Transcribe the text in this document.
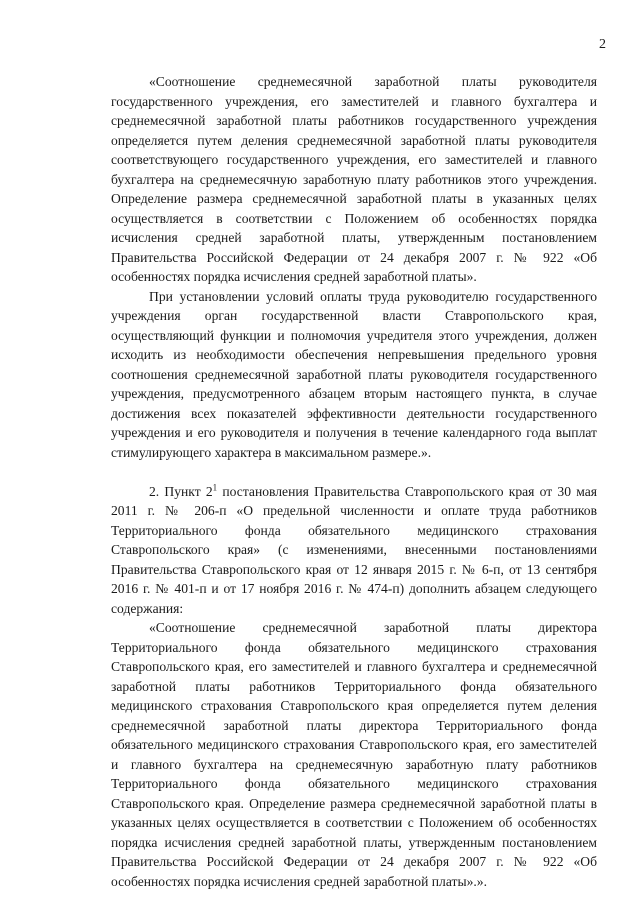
2

«Соотношение среднемесячной заработной платы руководителя государственного учреждения, его заместителей и главного бухгалтера и среднемесячной заработной платы работников государственного учреждения определяется путем деления среднемесячной заработной платы руководителя соответствующего государственного учреждения, его заместителей и главного бухгалтера на среднемесячную заработную плату работников этого учреждения. Определение размера среднемесячной заработной платы в указанных целях осуществляется в соответствии с Положением об особенностях порядка исчисления средней заработной платы, утвержденным постановлением Правительства Российской Федерации от 24 декабря 2007 г. № 922 «Об особенностях порядка исчисления средней заработной платы».

При установлении условий оплаты труда руководителю государственного учреждения орган государственной власти Ставропольского края, осуществляющий функции и полномочия учредителя этого учреждения, должен исходить из необходимости обеспечения непревышения предельного уровня соотношения среднемесячной заработной платы руководителя государственного учреждения, предусмотренного абзацем вторым настоящего пункта, в случае достижения всех показателей эффективности деятельности государственного учреждения и его руководителя и получения в течение календарного года выплат стимулирующего характера в максимальном размере.».

2. Пункт $2^1$ постановления Правительства Ставропольского края от 30 мая 2011 г. № 206-п «О предельной численности и оплате труда работников Территориального фонда обязательного медицинского страхования Ставропольского края» (с изменениями, внесенными постановлениями Правительства Ставропольского края от 12 января 2015 г. № 6-п, от 13 сентября 2016 г. № 401-п и от 17 ноября 2016 г. № 474-п) дополнить абзацем следующего содержания:

«Соотношение среднемесячной заработной платы директора Территориального фонда обязательного медицинского страхования Ставропольского края, его заместителей и главного бухгалтера и среднемесячной заработной платы работников Территориального фонда обязательного медицинского страхования Ставропольского края определяется путем деления среднемесячной заработной платы директора Территориального фонда обязательного медицинского страхования Ставропольского края, его заместителей и главного бухгалтера на среднемесячную заработную плату работников Территориального фонда обязательного медицинского страхования Ставропольского края. Определение размера среднемесячной заработной платы в указанных целях осуществляется в соответствии с Положением об особенностях порядка исчисления средней заработной платы, утвержденным постановлением Правительства Российской Федерации от 24 декабря 2007 г. № 922 «Об особенностях порядка исчисления средней заработной платы».».
